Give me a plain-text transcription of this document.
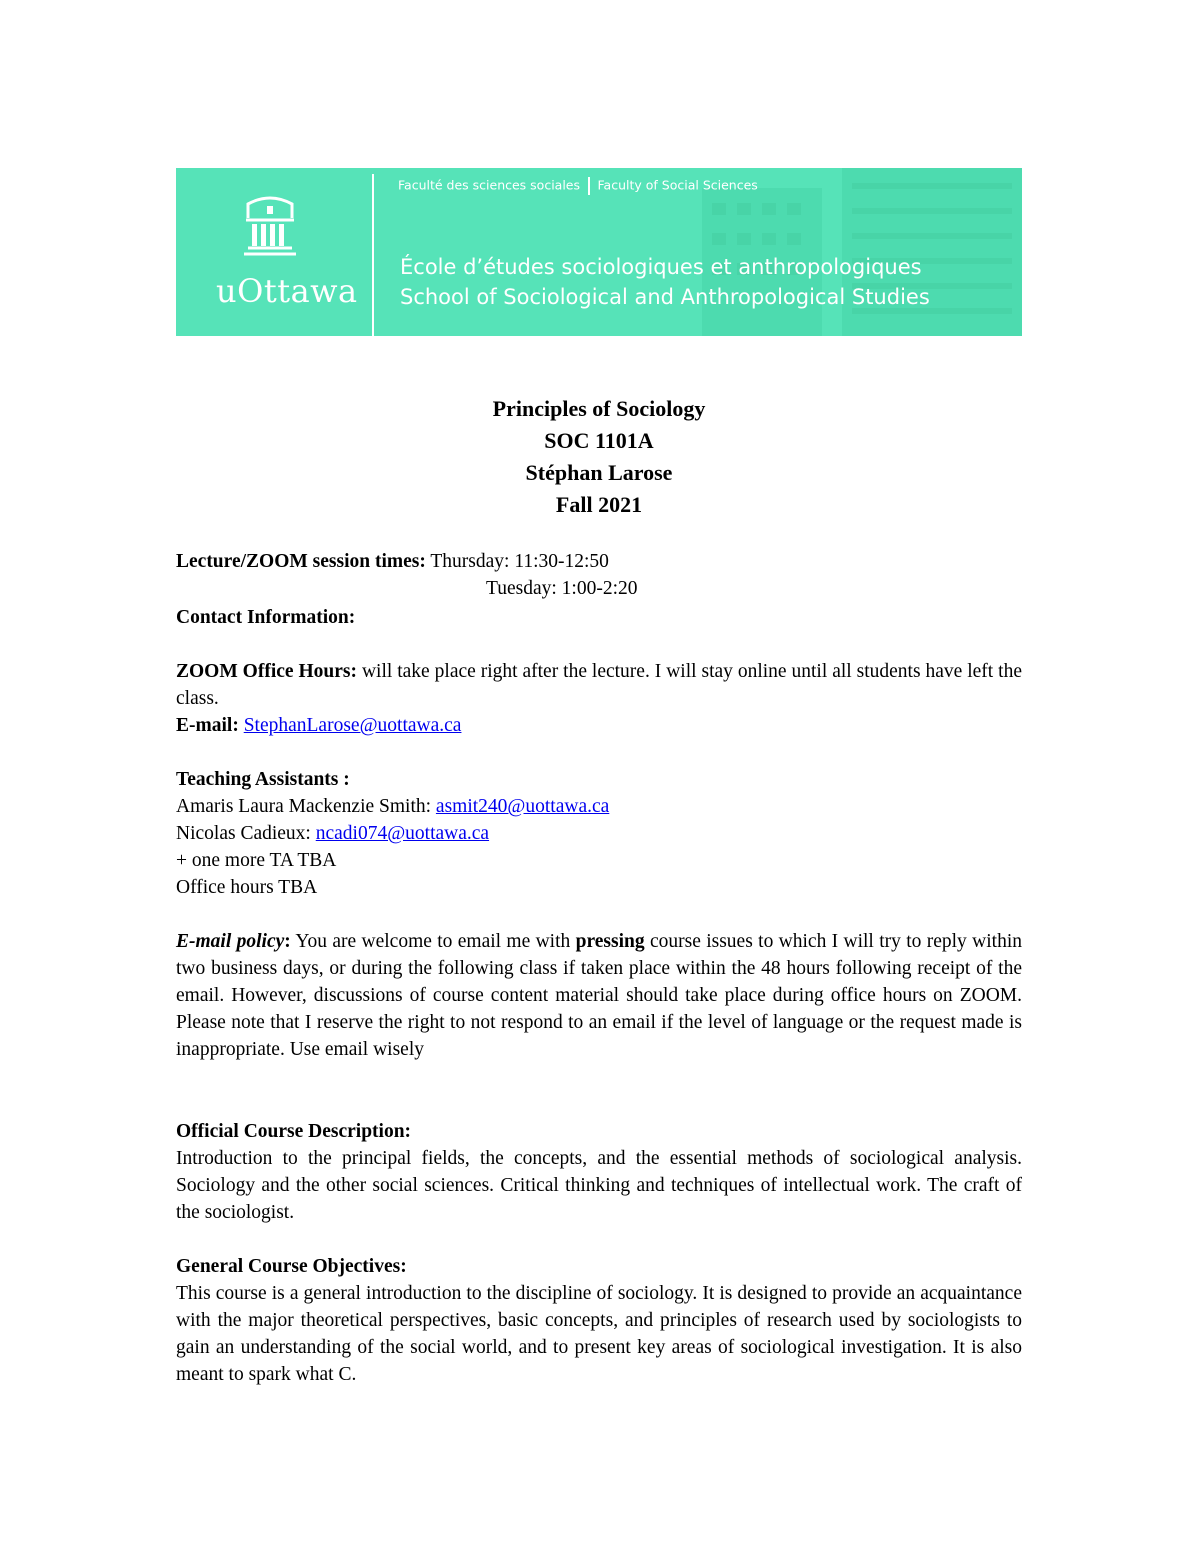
uOttawa
Faculté des sciences sociales Faculty of Social Sciences
École d’études sociologiques et anthropologiques
School of Sociological and Anthropological Studies
Principles of Sociology
SOC 1101A
Stéphan Larose
Fall 2021
Lecture/ZOOM session times: Thursday: 11:30-12:50
Tuesday: 1:00-2:20
Contact Information:
ZOOM Office Hours: will take place right after the lecture. I will stay online until all students have left the class.
E-mail: StephanLarose@uottawa.ca
Teaching Assistants :
Amaris Laura Mackenzie Smith: asmit240@uottawa.ca
Nicolas Cadieux: ncadi074@uottawa.ca
+ one more TA TBA
Office hours TBA
E-mail policy: You are welcome to email me with pressing course issues to which I will try to reply within two business days, or during the following class if taken place within the 48 hours following receipt of the email. However, discussions of course content material should take place during office hours on ZOOM. Please note that I reserve the right to not respond to an email if the level of language or the request made is inappropriate. Use email wisely
Official Course Description:
Introduction to the principal fields, the concepts, and the essential methods of sociological analysis. Sociology and the other social sciences. Critical thinking and techniques of intellectual work. The craft of the sociologist.
General Course Objectives:
This course is a general introduction to the discipline of sociology. It is designed to provide an acquaintance with the major theoretical perspectives, basic concepts, and principles of research used by sociologists to gain an understanding of the social world, and to present key areas of sociological investigation. It is also meant to spark what C.
